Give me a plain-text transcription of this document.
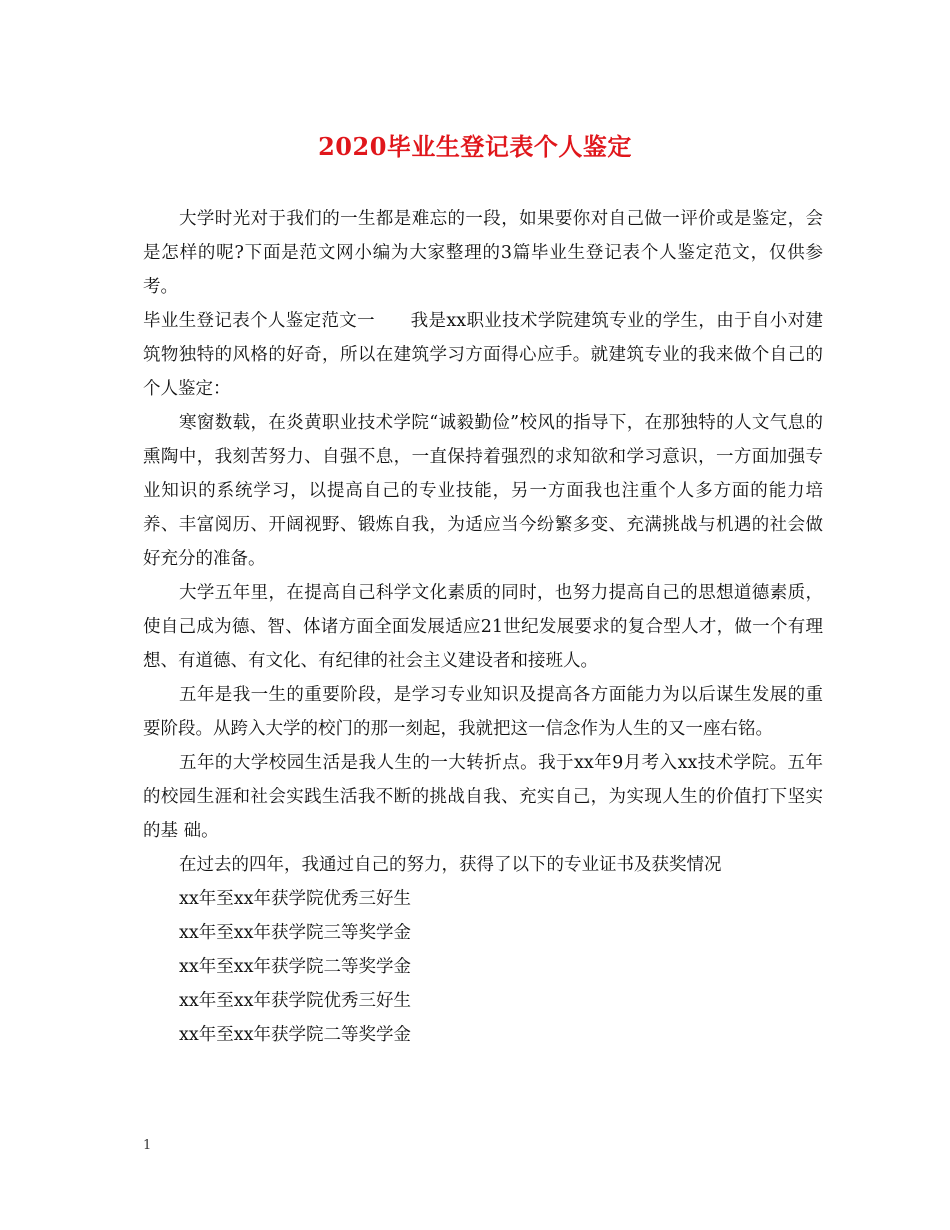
2020毕业生登记表个人鉴定

大学时光对于我们的一生都是难忘的一段，如果要你对自己做一评价或是鉴定，会是怎样的呢?下面是范文网小编为大家整理的3篇毕业生登记表个人鉴定范文，仅供参考。

毕业生登记表个人鉴定范文一　　我是xx职业技术学院建筑专业的学生，由于自小对建筑物独特的风格的好奇，所以在建筑学习方面得心应手。就建筑专业的我来做个自己的个人鉴定：

寒窗数载，在炎黄职业技术学院“诚毅勤俭”校风的指导下，在那独特的人文气息的熏陶中，我刻苦努力、自强不息，一直保持着强烈的求知欲和学习意识，一方面加强专业知识的系统学习，以提高自己的专业技能，另一方面我也注重个人多方面的能力培养、丰富阅历、开阔视野、锻炼自我，为适应当今纷繁多变、充满挑战与机遇的社会做好充分的准备。

大学五年里，在提高自己科学文化素质的同时，也努力提高自己的思想道德素质，使自己成为德、智、体诸方面全面发展适应21世纪发展要求的复合型人才，做一个有理想、有道德、有文化、有纪律的社会主义建设者和接班人。

五年是我一生的重要阶段，是学习专业知识及提高各方面能力为以后谋生发展的重要阶段。从跨入大学的校门的那一刻起，我就把这一信念作为人生的又一座右铭。

五年的大学校园生活是我人生的一大转折点。我于xx年9月考入xx技术学院。五年的校园生涯和社会实践生活我不断的挑战自我、充实自己，为实现人生的价值打下坚实的基 础。

在过去的四年，我通过自己的努力，获得了以下的专业证书及获奖情况

xx年至xx年获学院优秀三好生

xx年至xx年获学院三等奖学金

xx年至xx年获学院二等奖学金

xx年至xx年获学院优秀三好生

xx年至xx年获学院二等奖学金

1
